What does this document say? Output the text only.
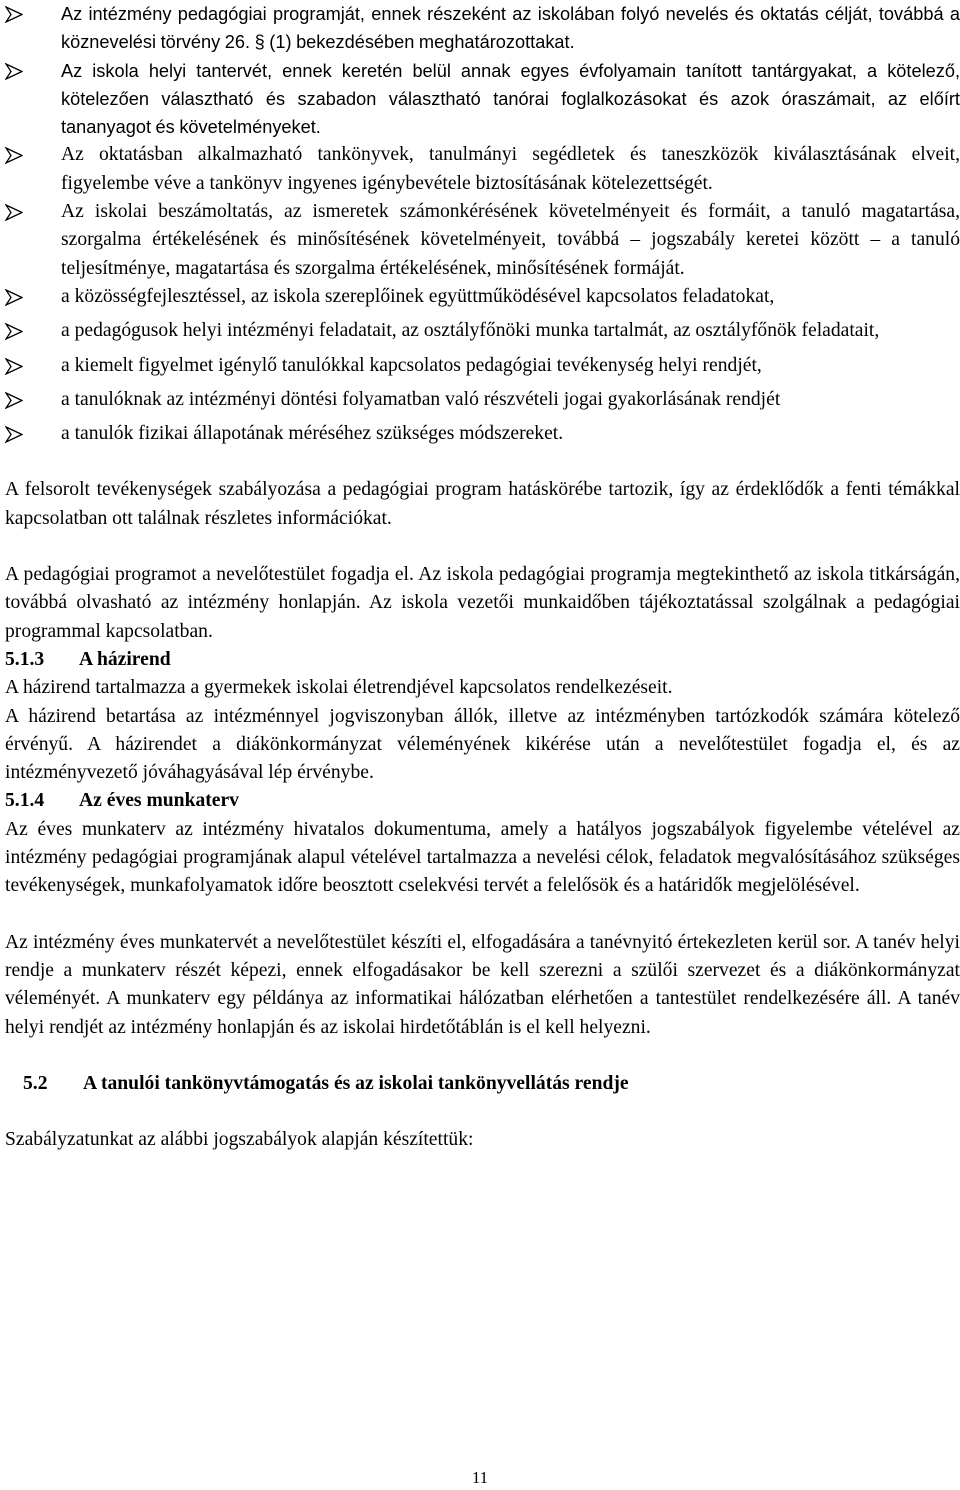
Az intézmény pedagógiai programját, ennek részeként az iskolában folyó nevelés és oktatás célját, továbbá a köznevelési törvény 26. § (1) bekezdésében meghatározottakat.
Az iskola helyi tantervét, ennek keretén belül annak egyes évfolyamain tanított tantárgyakat, a kötelező, kötelezően választható és szabadon választható tanórai foglalkozásokat és azok óraszámait, az előírt tananyagot és követelményeket.
Az oktatásban alkalmazható tankönyvek, tanulmányi segédletek és taneszközök kiválasztásának elveit, figyelembe véve a tankönyv ingyenes igénybevétele biztosításának kötelezettségét.
Az iskolai beszámoltatás, az ismeretek számonkérésének követelményeit és formáit, a tanuló magatartása, szorgalma értékelésének és minősítésének követelményeit, továbbá – jogszabály keretei között – a tanuló teljesítménye, magatartása és szorgalma értékelésének, minősítésének formáját.
a közösségfejlesztéssel, az iskola szereplőinek együttműködésével kapcsolatos feladatokat,
a pedagógusok helyi intézményi feladatait, az osztályfőnöki munka tartalmát, az osztályfőnök feladatait,
a kiemelt figyelmet igénylő tanulókkal kapcsolatos pedagógiai tevékenység helyi rendjét,
a tanulóknak az intézményi döntési folyamatban való részvételi jogai gyakorlásának rendjét
a tanulók fizikai állapotának méréséhez szükséges módszereket.

A felsorolt tevékenységek szabályozása a pedagógiai program hatáskörébe tartozik, így az érdeklődők a fenti témákkal kapcsolatban ott találnak részletes információkat.

A pedagógiai programot a nevelőtestület fogadja el. Az iskola pedagógiai programja megtekinthető az iskola titkárságán, továbbá olvasható az intézmény honlapján. Az iskola vezetői munkaidőben tájékoztatással szolgálnak a pedagógiai programmal kapcsolatban.

5.1.3 A házirend

A házirend tartalmazza a gyermekek iskolai életrendjével kapcsolatos rendelkezéseit.

A házirend betartása az intézménnyel jogviszonyban állók, illetve az intézményben tartózkodók számára kötelező érvényű. A házirendet a diákönkormányzat véleményének kikérése után a nevelőtestület fogadja el, és az intézményvezető jóváhagyásával lép érvénybe.

5.1.4 Az éves munkaterv

Az éves munkaterv az intézmény hivatalos dokumentuma, amely a hatályos jogszabályok figyelembe vételével az intézmény pedagógiai programjának alapul vételével tartalmazza a nevelési célok, feladatok megvalósításához szükséges tevékenységek, munkafolyamatok időre beosztott cselekvési tervét a felelősök és a határidők megjelölésével.

Az intézmény éves munkatervét a nevelőtestület készíti el, elfogadására a tanévnyitó értekezleten kerül sor. A tanév helyi rendje a munkaterv részét képezi, ennek elfogadásakor be kell szerezni a szülői szervezet és a diákönkormányzat véleményét. A munkaterv egy példánya az informatikai hálózatban elérhetően a tantestület rendelkezésére áll. A tanév helyi rendjét az intézmény honlapján és az iskolai hirdetőtáblán is el kell helyezni.

5.2 A tanulói tankönyvtámogatás és az iskolai tankönyvellátás rendje

Szabályzatunkat az alábbi jogszabályok alapján készítettük:

11
